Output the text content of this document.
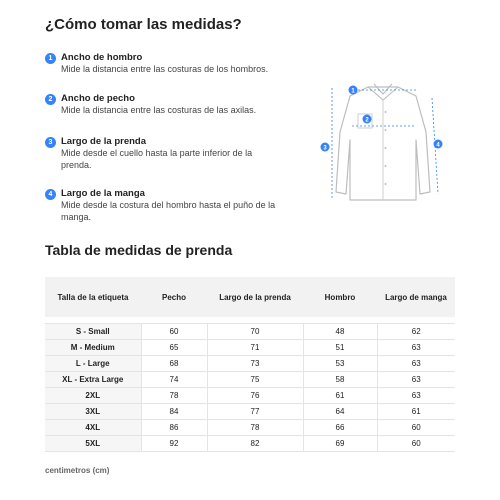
¿Cómo tomar las medidas?
1 Ancho de hombro
Mide la distancia entre las costuras de los hombros.
2 Ancho de pecho
Mide la distancia entre las costuras de las axilas.
3 Largo de la prenda
Mide desde el cuello hasta la parte inferior de la prenda.
4 Largo de la manga
Mide desde la costura del hombro hasta el puño de la manga.
1
2
3	4
Tabla de medidas de prenda
Talla de la etiqueta	Pecho	Largo de la prenda	Hombro	Largo de manga

S - Small	60	70	48	62
M - Medium	65	71	51	63
L - Large	68	73	53	63
XL - Extra Large	74	75	58	63
2XL	78	76	61	63
3XL	84	77	64	61
4XL	86	78	66	60
5XL	92	82	69	60
centimetros (cm)
